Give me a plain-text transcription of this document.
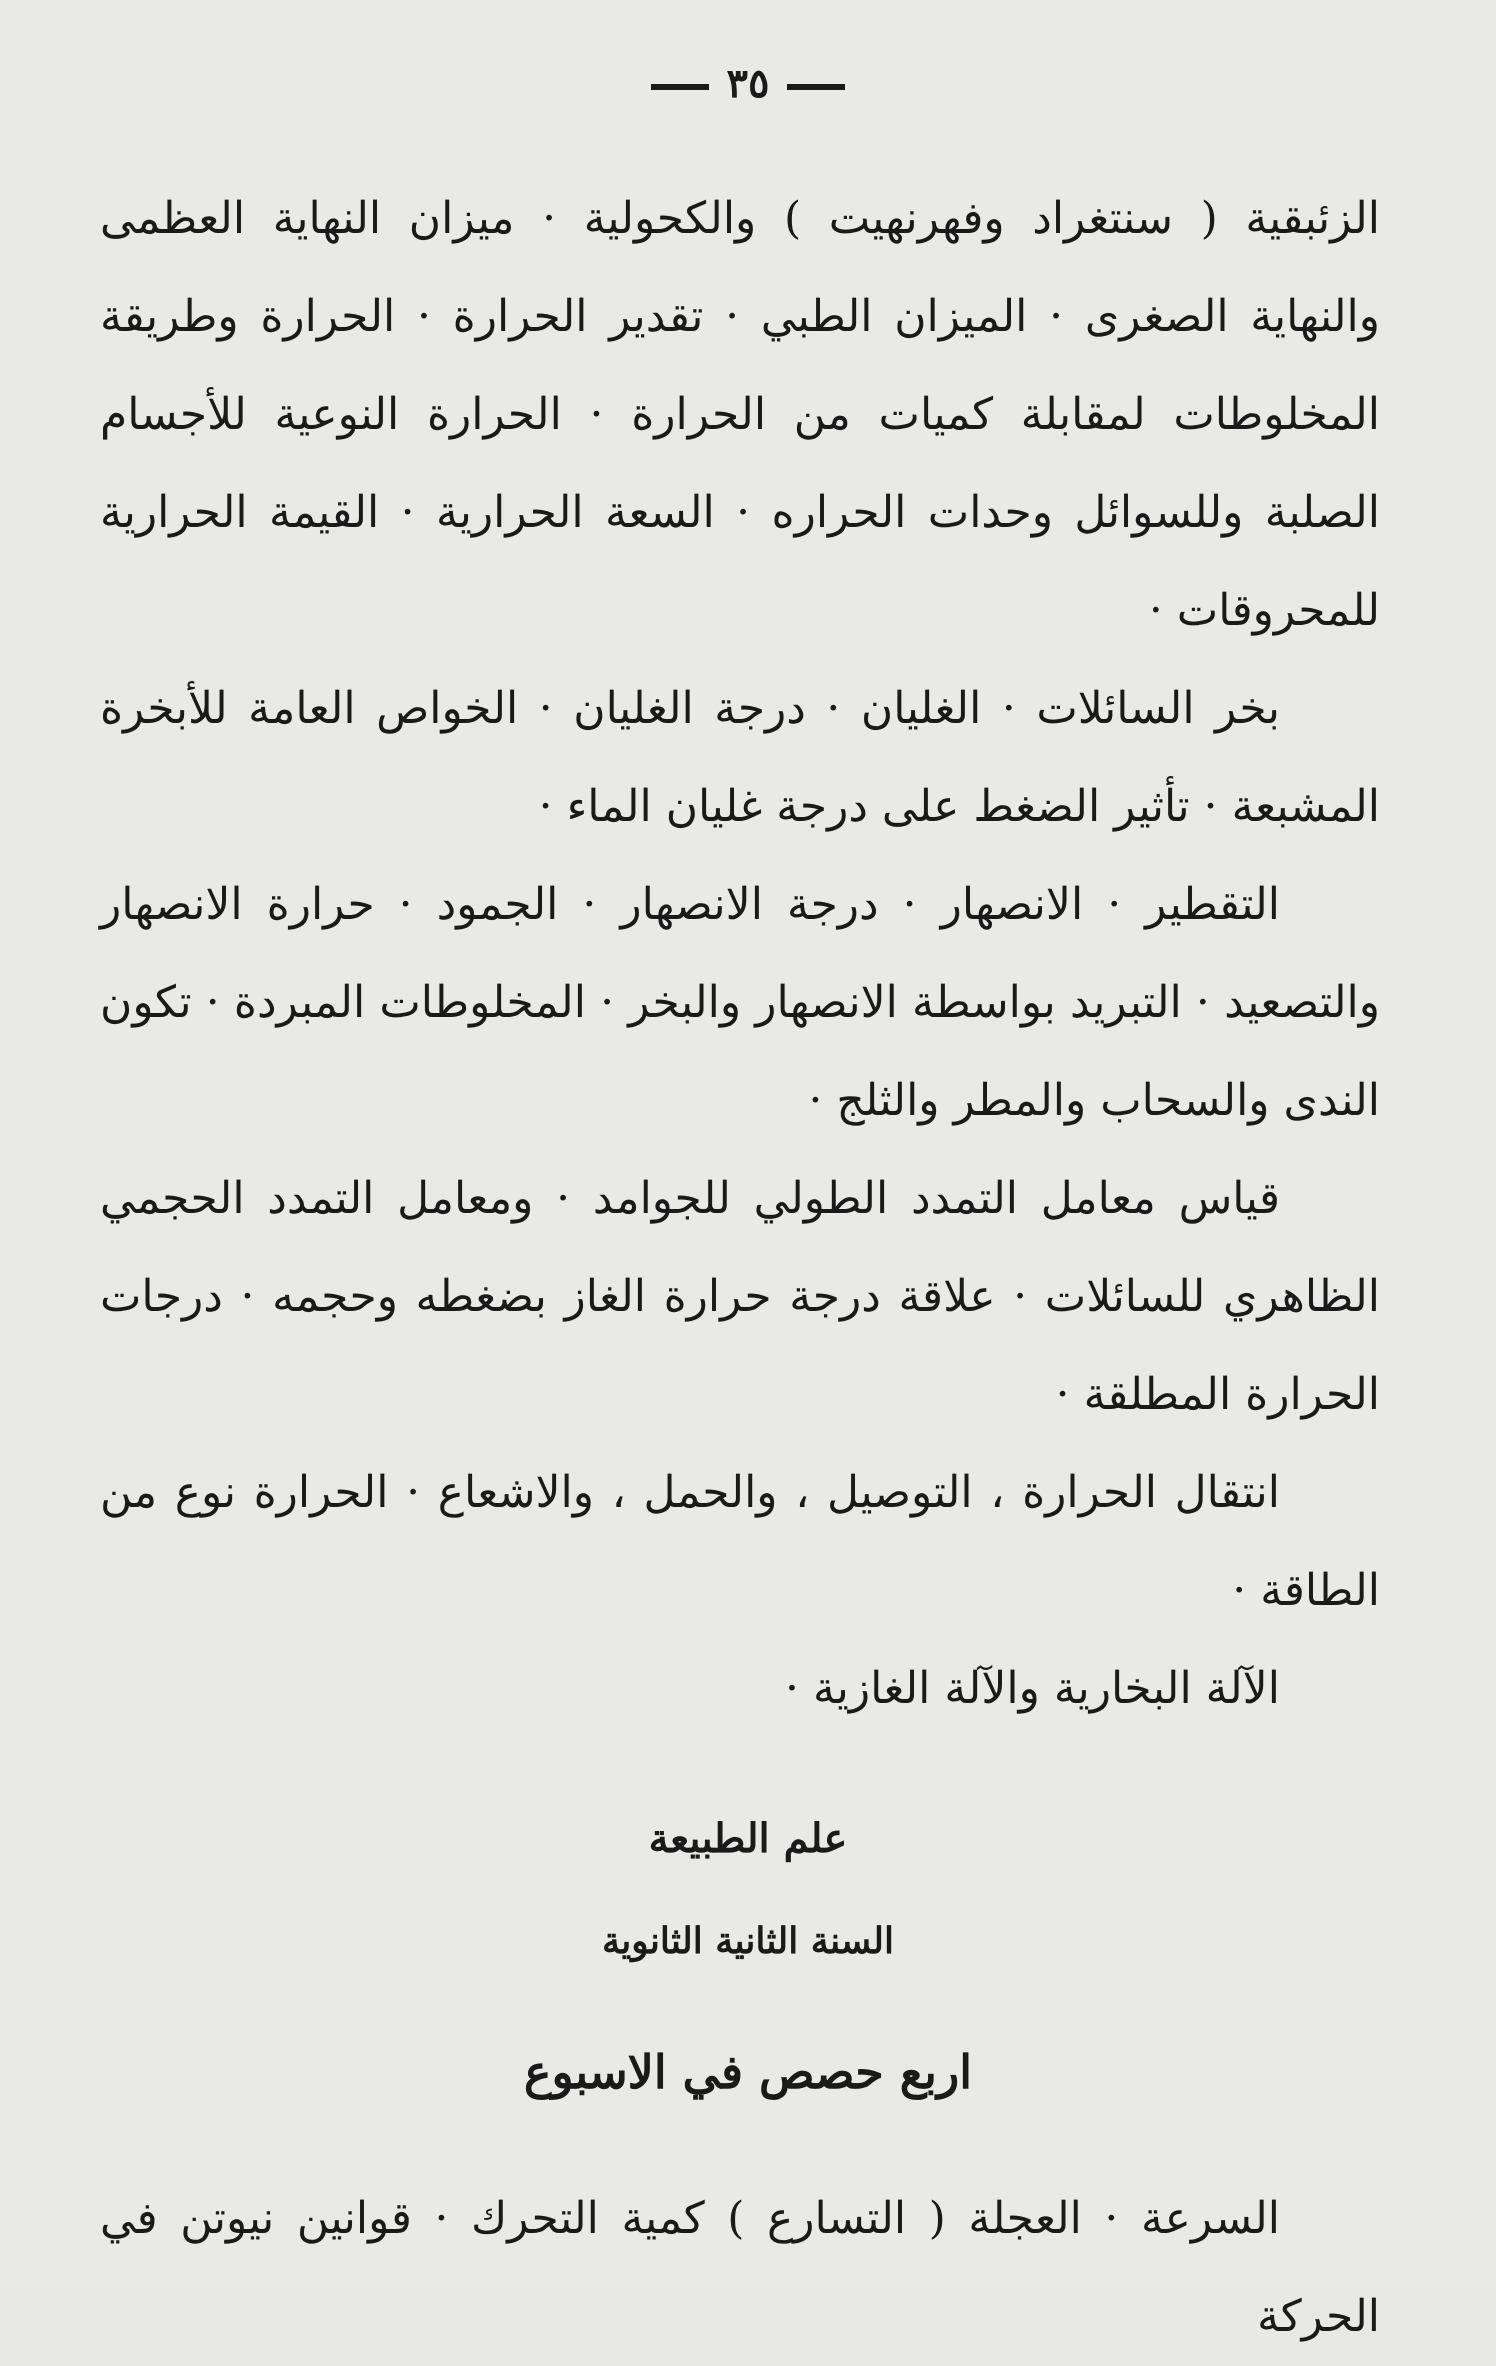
٣٥

الزئبقية ( سنتغراد وفهرنهيت ) والكحولية · ميزان النهاية العظمى والنهاية الصغرى · الميزان الطبي · تقدير الحرارة · الحرارة وطريقة المخلوطات لمقابلة كميات من الحرارة · الحرارة النوعية للأجسام الصلبة وللسوائل وحدات الحراره · السعة الحرارية · القيمة الحرارية للمحروقات ·

بخر السائلات · الغليان · درجة الغليان · الخواص العامة للأبخرة المشبعة · تأثير الضغط على درجة غليان الماء ·

التقطير · الانصهار · درجة الانصهار · الجمود · حرارة الانصهار والتصعيد · التبريد بواسطة الانصهار والبخر · المخلوطات المبردة · تكون الندى والسحاب والمطر والثلج ·

قياس معامل التمدد الطولي للجوامد · ومعامل التمدد الحجمي الظاهري للسائلات · علاقة درجة حرارة الغاز بضغطه وحجمه · درجات الحرارة المطلقة ·

انتقال الحرارة ، التوصيل ، والحمل ، والاشعاع · الحرارة نوع من الطاقة ·

الآلة البخارية والآلة الغازية ·

علم الطبيعة
السنة الثانية الثانوية
اربع حصص في الاسبوع
السرعة · العجلة ( التسارع ) كمية التحرك · قوانين نيوتن في الحركة
